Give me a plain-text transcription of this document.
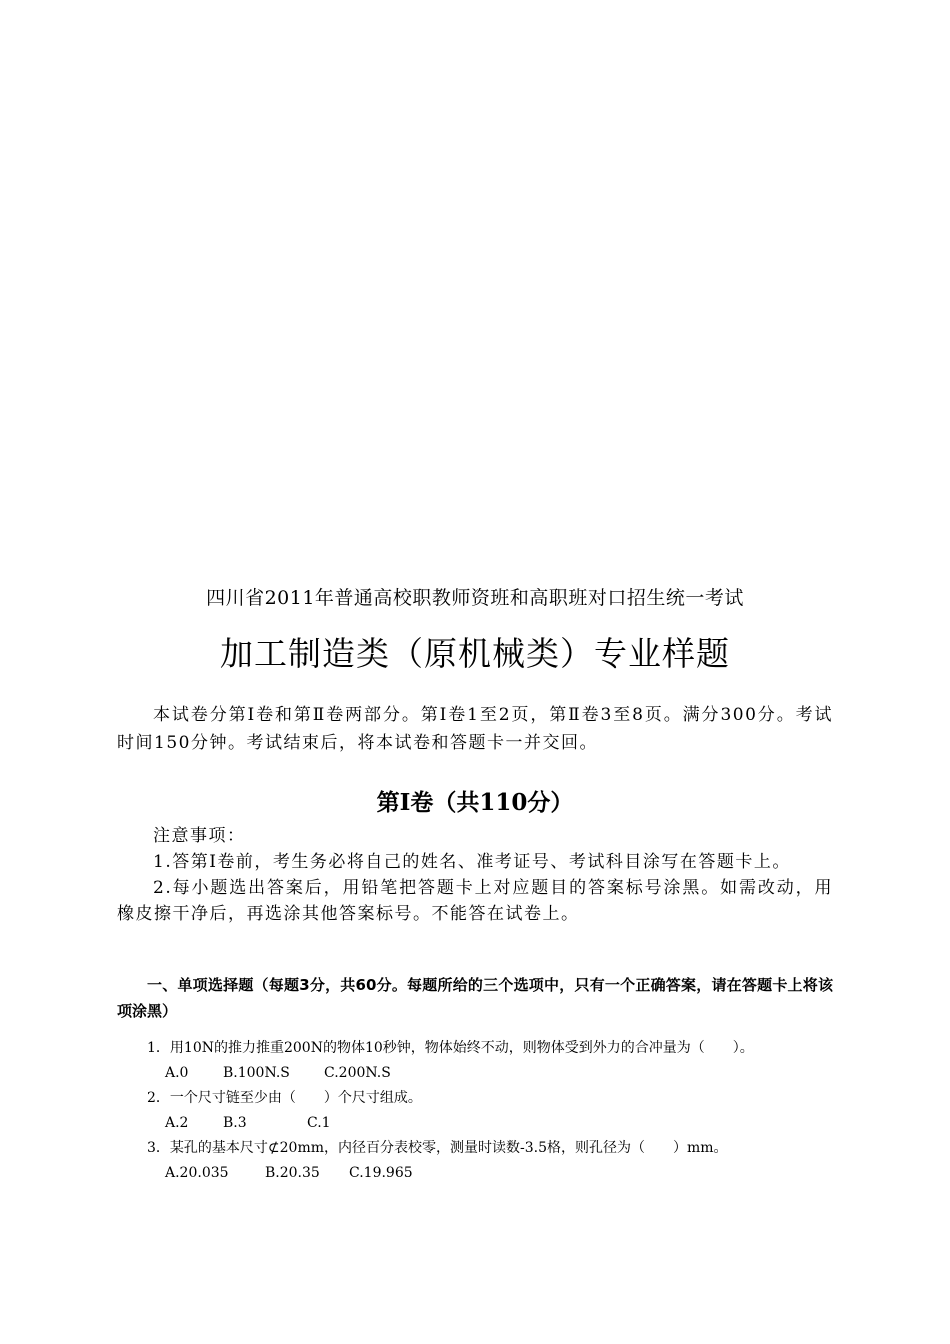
四川省2011年普通高校职教师资班和高职班对口招生统一考试
加工制造类（原机械类）专业样题
本试卷分第Ⅰ卷和第Ⅱ卷两部分。第Ⅰ卷1至2页，第Ⅱ卷3至8页。满分300分。考试时间150分钟。考试结束后，将本试卷和答题卡一并交回。
第Ⅰ卷（共110分）

注意事项：

1.答第Ⅰ卷前，考生务必将自己的姓名、准考证号、考试科目涂写在答题卡上。

2.每小题选出答案后，用铅笔把答题卡上对应题目的答案标号涂黑。如需改动，用橡皮擦干净后，再选涂其他答案标号。不能答在试卷上。

一、单项选择题（每题3分，共60分。每题所给的三个选项中，只有一个正确答案，请在答题卡上将该项涂黑）

1．用10N的推力推重200N的物体10秒钟，物体始终不动，则物体受到外力的合冲量为（　　）。

A.0 B.100N.S C.200N.S

2．一个尺寸链至少由（　　）个尺寸组成。

A.2 B.3	C.1

3．某孔的基本尺寸⊄20mm，内径百分表校零，测量时读数-3.5格，则孔径为（　　）mm。

A.20.035	B.20.35 C.19.965
